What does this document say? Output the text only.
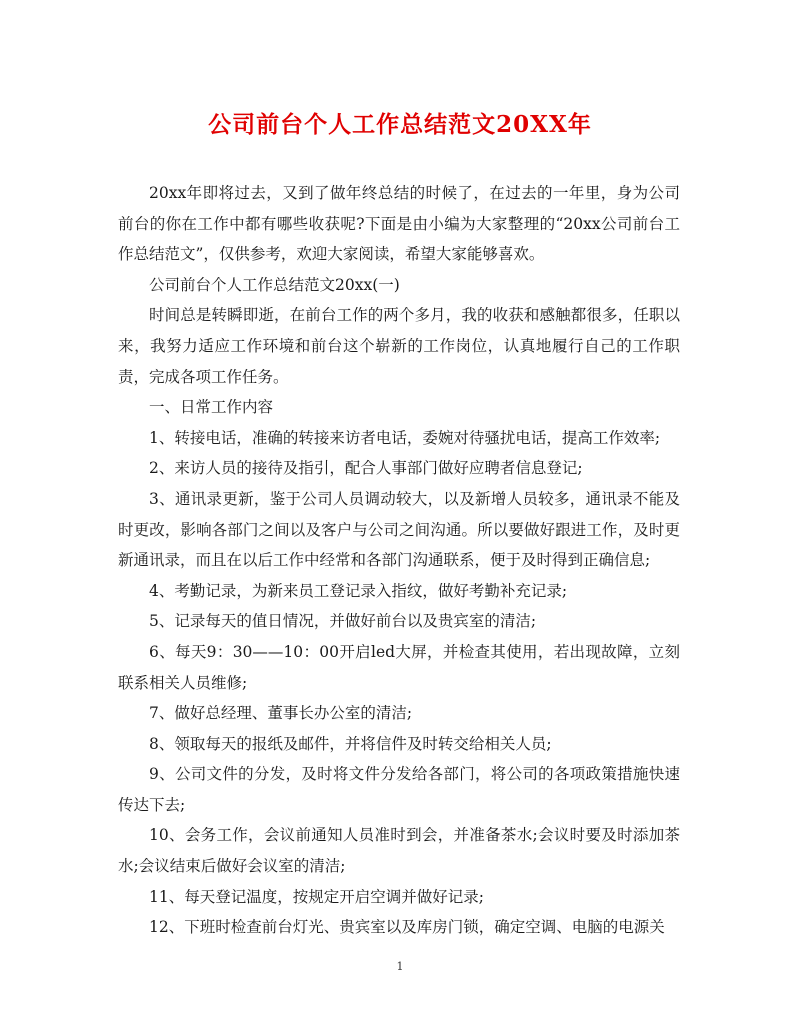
公司前台个人工作总结范文20XX年

20xx年即将过去，又到了做年终总结的时候了，在过去的一年里，身为公司前台的你在工作中都有哪些收获呢?下面是由小编为大家整理的“20xx公司前台工作总结范文”，仅供参考，欢迎大家阅读，希望大家能够喜欢。

公司前台个人工作总结范文20xx(一)

时间总是转瞬即逝，在前台工作的两个多月，我的收获和感触都很多，任职以来，我努力适应工作环境和前台这个崭新的工作岗位，认真地履行自己的工作职责，完成各项工作任务。

一、日常工作内容

1、转接电话，准确的转接来访者电话，委婉对待骚扰电话，提高工作效率;

2、来访人员的接待及指引，配合人事部门做好应聘者信息登记;

3、通讯录更新，鉴于公司人员调动较大，以及新增人员较多，通讯录不能及时更改，影响各部门之间以及客户与公司之间沟通。所以要做好跟进工作，及时更新通讯录，而且在以后工作中经常和各部门沟通联系，便于及时得到正确信息;

4、考勤记录，为新来员工登记录入指纹，做好考勤补充记录;

5、记录每天的值日情况，并做好前台以及贵宾室的清洁;

6、每天9：30——10：00开启led大屏，并检查其使用，若出现故障，立刻联系相关人员维修;

7、做好总经理、董事长办公室的清洁;

8、领取每天的报纸及邮件，并将信件及时转交给相关人员;

9、公司文件的分发，及时将文件分发给各部门，将公司的各项政策措施快速传达下去;

10、会务工作，会议前通知人员准时到会，并准备茶水;会议时要及时添加茶水;会议结束后做好会议室的清洁;

11、每天登记温度，按规定开启空调并做好记录;

12、下班时检查前台灯光、贵宾室以及库房门锁，确定空调、电脑的电源关

1
